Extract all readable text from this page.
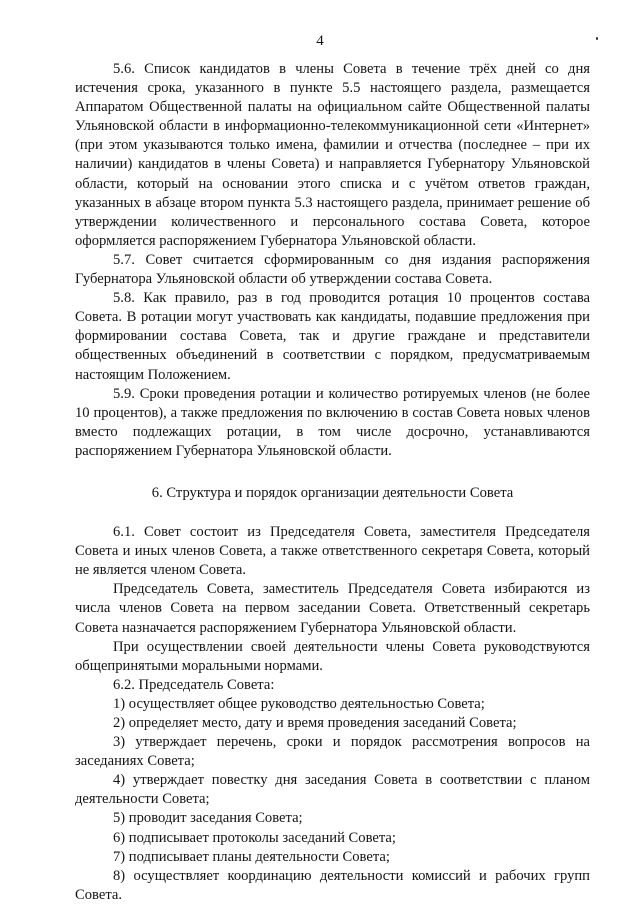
4

5.6. Список кандидатов в члены Совета в течение трёх дней со дня истечения срока, указанного в пункте 5.5 настоящего раздела, размещается Аппаратом Общественной палаты на официальном сайте Общественной палаты Ульяновской области в информационно-телекоммуникационной сети «Интернет» (при этом указываются только имена, фамилии и отчества (последнее – при их наличии) кандидатов в члены Совета) и направляется Губернатору Ульяновской области, который на основании этого списка и с учётом ответов граждан, указанных в абзаце втором пункта 5.3 настоящего раздела, принимает решение об утверждении количественного и персонального состава Совета, которое оформляется распоряжением Губернатора Ульяновской области.

5.7. Совет считается сформированным со дня издания распоряжения Губернатора Ульяновской области об утверждении состава Совета.

5.8. Как правило, раз в год проводится ротация 10 процентов состава Совета. В ротации могут участвовать как кандидаты, подавшие предложения при формировании состава Совета, так и другие граждане и представители общественных объединений в соответствии с порядком, предусматриваемым настоящим Положением.

5.9. Сроки проведения ротации и количество ротируемых членов (не более 10 процентов), а также предложения по включению в состав Совета новых членов вместо подлежащих ротации, в том числе досрочно, устанавливаются распоряжением Губернатора Ульяновской области.

6. Структура и порядок организации деятельности Совета

6.1. Совет состоит из Председателя Совета, заместителя Председателя Совета и иных членов Совета, а также ответственного секретаря Совета, который не является членом Совета.

Председатель Совета, заместитель Председателя Совета избираются из числа членов Совета на первом заседании Совета. Ответственный секретарь Совета назначается распоряжением Губернатора Ульяновской области.

При осуществлении своей деятельности члены Совета руководствуются общепринятыми моральными нормами.

6.2. Председатель Совета:

1) осуществляет общее руководство деятельностью Совета;

2) определяет место, дату и время проведения заседаний Совета;

3) утверждает перечень, сроки и порядок рассмотрения вопросов на заседаниях Совета;

4) утверждает повестку дня заседания Совета в соответствии с планом деятельности Совета;

5) проводит заседания Совета;

6) подписывает протоколы заседаний Совета;

7) подписывает планы деятельности Совета;

8) осуществляет координацию деятельности комиссий и рабочих групп Совета.
